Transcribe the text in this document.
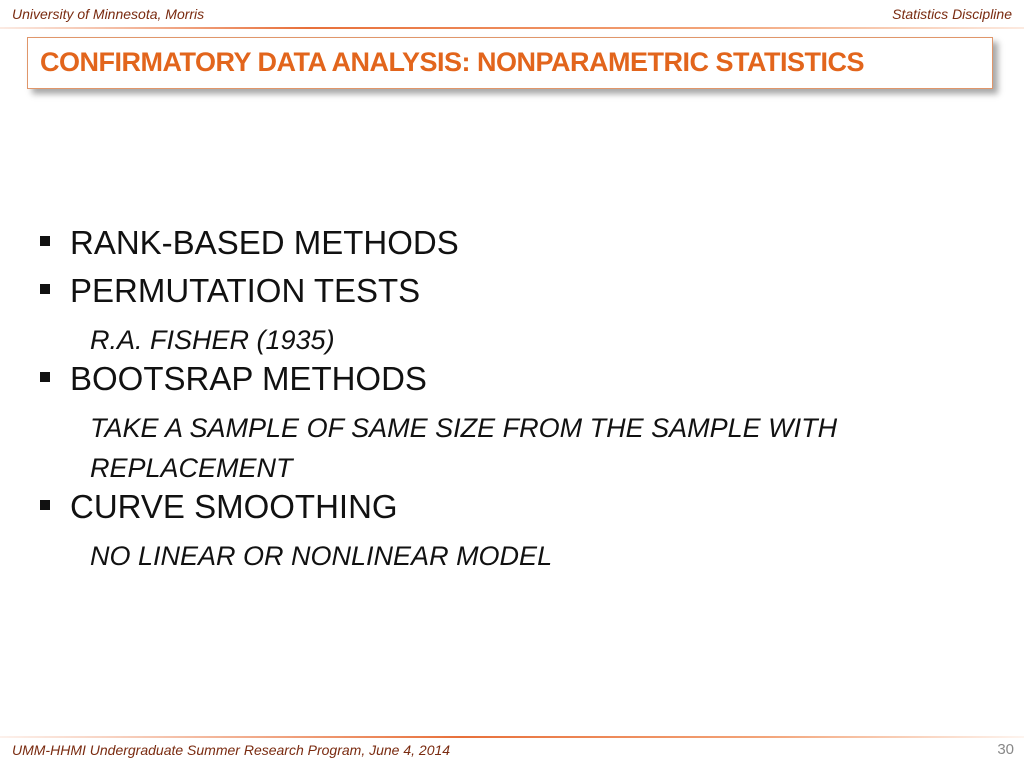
University of Minnesota, Morris	Statistics Discipline
CONFIRMATORY DATA ANALYSIS: NONPARAMETRIC STATISTICS
RANK-BASED METHODS
PERMUTATION TESTS
R.A. FISHER (1935)
BOOTSRAP METHODS
TAKE A SAMPLE OF SAME SIZE FROM THE SAMPLE WITH REPLACEMENT
CURVE SMOOTHING
NO LINEAR OR NONLINEAR MODEL
UMM-HHMI Undergraduate Summer Research Program, June 4, 2014	30
